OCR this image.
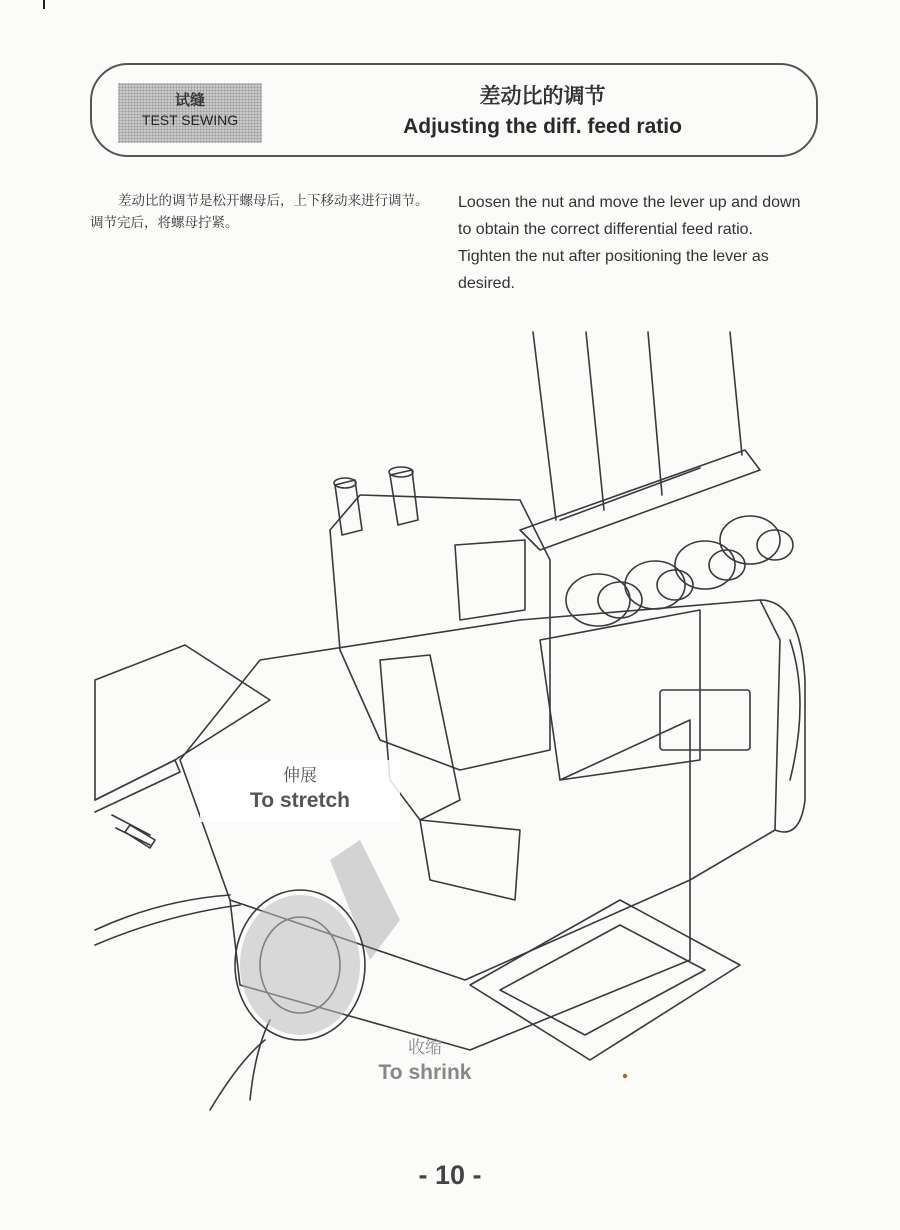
试缝
TEST SEWING
差动比的调节
Adjusting the diff. feed ratio

差动比的调节是松开螺母后，上下移动来进行调节。调节完后，将螺母拧紧。

Loosen the nut and move the lever up and down to obtain the correct differential feed ratio.
Tighten the nut after positioning the lever as desired.
伸展
To stretch
收缩
To shrink
- 10 -
